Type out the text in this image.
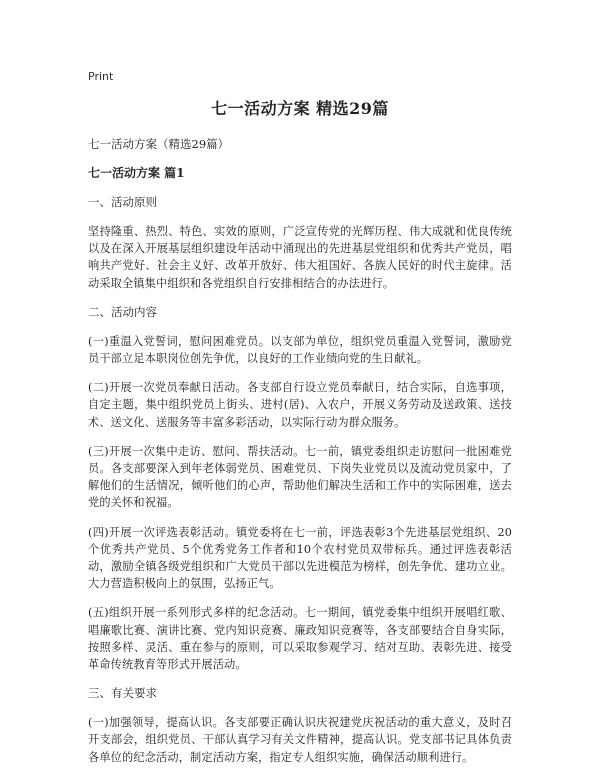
Print
七一活动方案 精选29篇
七一活动方案（精选29篇）
七一活动方案 篇1
一、活动原则
坚持隆重、热烈、特色、实效的原则，广泛宣传党的光辉历程、伟大成就和优良传统以及在深入开展基层组织建设年活动中涌现出的先进基层党组织和优秀共产党员，唱响共产党好、社会主义好、改革开放好、伟大祖国好、各族人民好的时代主旋律。活动采取全镇集中组织和各党组织自行安排相结合的办法进行。
二、活动内容
(一)重温入党誓词，慰问困难党员。以支部为单位，组织党员重温入党誓词，激励党员干部立足本职岗位创先争优，以良好的工作业绩向党的生日献礼。
(二)开展一次党员奉献日活动。各支部自行设立党员奉献日，结合实际，自选事项，自定主题，集中组织党员上街头、进村(居)、入农户，开展义务劳动及送政策、送技术、送文化、送服务等丰富多彩活动，以实际行动为群众服务。
(三)开展一次集中走访、慰问、帮扶活动。七一前，镇党委组织走访慰问一批困难党员。各支部要深入到年老体弱党员、困难党员、下岗失业党员以及流动党员家中，了解他们的生活情况，倾听他们的心声，帮助他们解决生活和工作中的实际困难，送去党的关怀和祝福。
(四)开展一次评选表彰活动。镇党委将在七一前，评选表彰3个先进基层党组织、20个优秀共产党员、5个优秀党务工作者和10个农村党员双带标兵。通过评选表彰活动，激励全镇各级党组织和广大党员干部以先进模范为榜样，创先争优、建功立业。大力营造积极向上的氛围，弘扬正气。
(五)组织开展一系列形式多样的纪念活动。七一期间，镇党委集中组织开展唱红歌、唱廉歌比赛、演讲比赛、党内知识竞赛、廉政知识竞赛等，各支部要结合自身实际，按照多样、灵活、重在参与的原则，可以采取参观学习、结对互助、表彰先进、接受革命传统教育等形式开展活动。
三、有关要求
(一)加强领导，提高认识。各支部要正确认识庆祝建党庆祝活动的重大意义，及时召开支部会，组织党员、干部认真学习有关文件精神，提高认识。党支部书记具体负责各单位的纪念活动，制定活动方案，指定专人组织实施，确保活动顺利进行。
